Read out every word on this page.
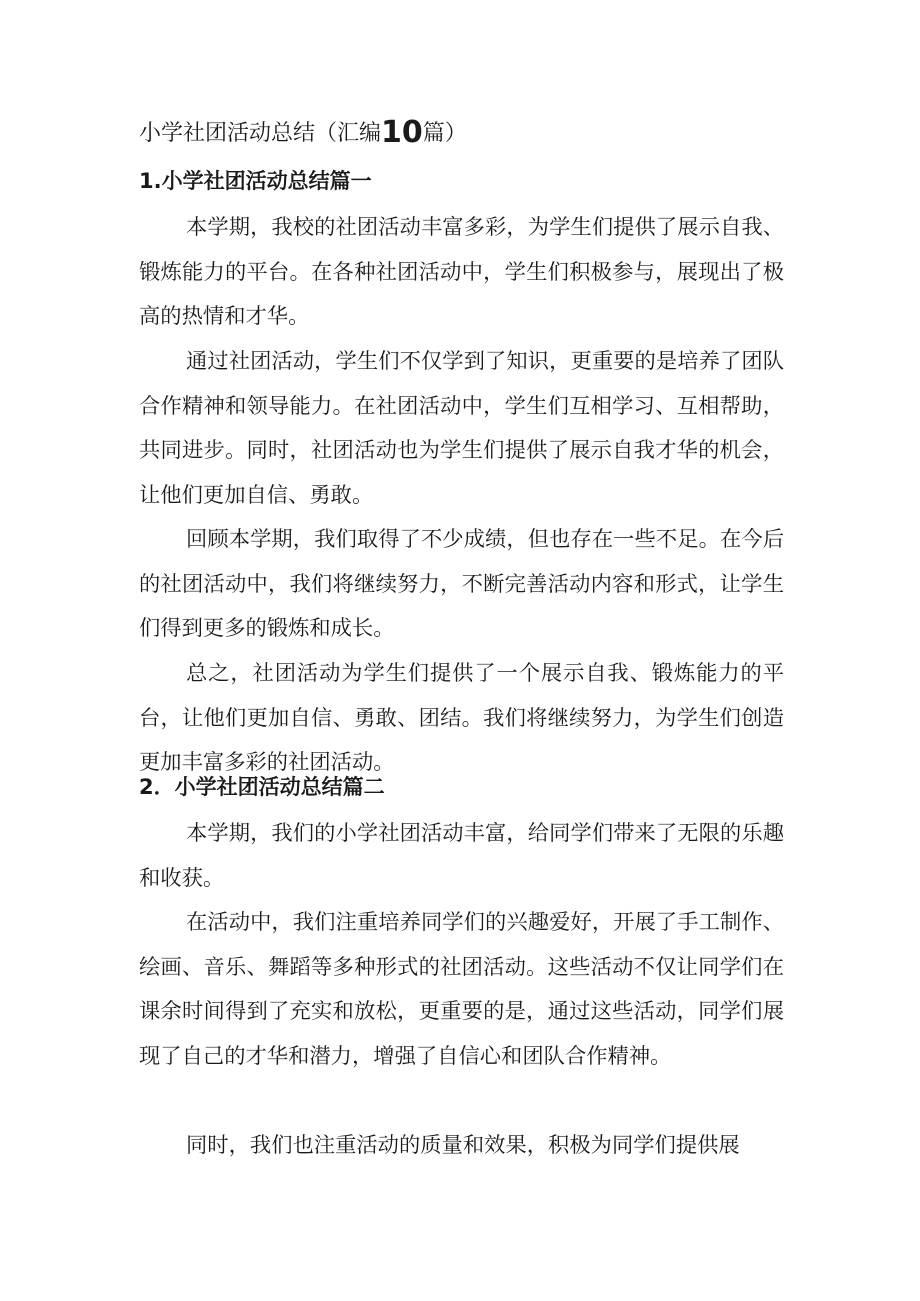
小学社团活动总结（汇编10篇）
1.小学社团活动总结篇一

本学期，我校的社团活动丰富多彩，为学生们提供了展示自我、锻炼能力的平台。在各种社团活动中，学生们积极参与，展现出了极高的热情和才华。

通过社团活动，学生们不仅学到了知识，更重要的是培养了团队合作精神和领导能力。在社团活动中，学生们互相学习、互相帮助，共同进步。同时，社团活动也为学生们提供了展示自我才华的机会，让他们更加自信、勇敢。

回顾本学期，我们取得了不少成绩，但也存在一些不足。在今后的社团活动中，我们将继续努力，不断完善活动内容和形式，让学生们得到更多的锻炼和成长。

总之，社团活动为学生们提供了一个展示自我、锻炼能力的平台，让他们更加自信、勇敢、团结。我们将继续努力，为学生们创造更加丰富多彩的社团活动。

2．小学社团活动总结篇二

本学期，我们的小学社团活动丰富，给同学们带来了无限的乐趣和收获。

在活动中，我们注重培养同学们的兴趣爱好，开展了手工制作、绘画、音乐、舞蹈等多种形式的社团活动。这些活动不仅让同学们在课余时间得到了充实和放松，更重要的是，通过这些活动，同学们展现了自己的才华和潜力，增强了自信心和团队合作精神。

同时，我们也注重活动的质量和效果，积极为同学们提供展
